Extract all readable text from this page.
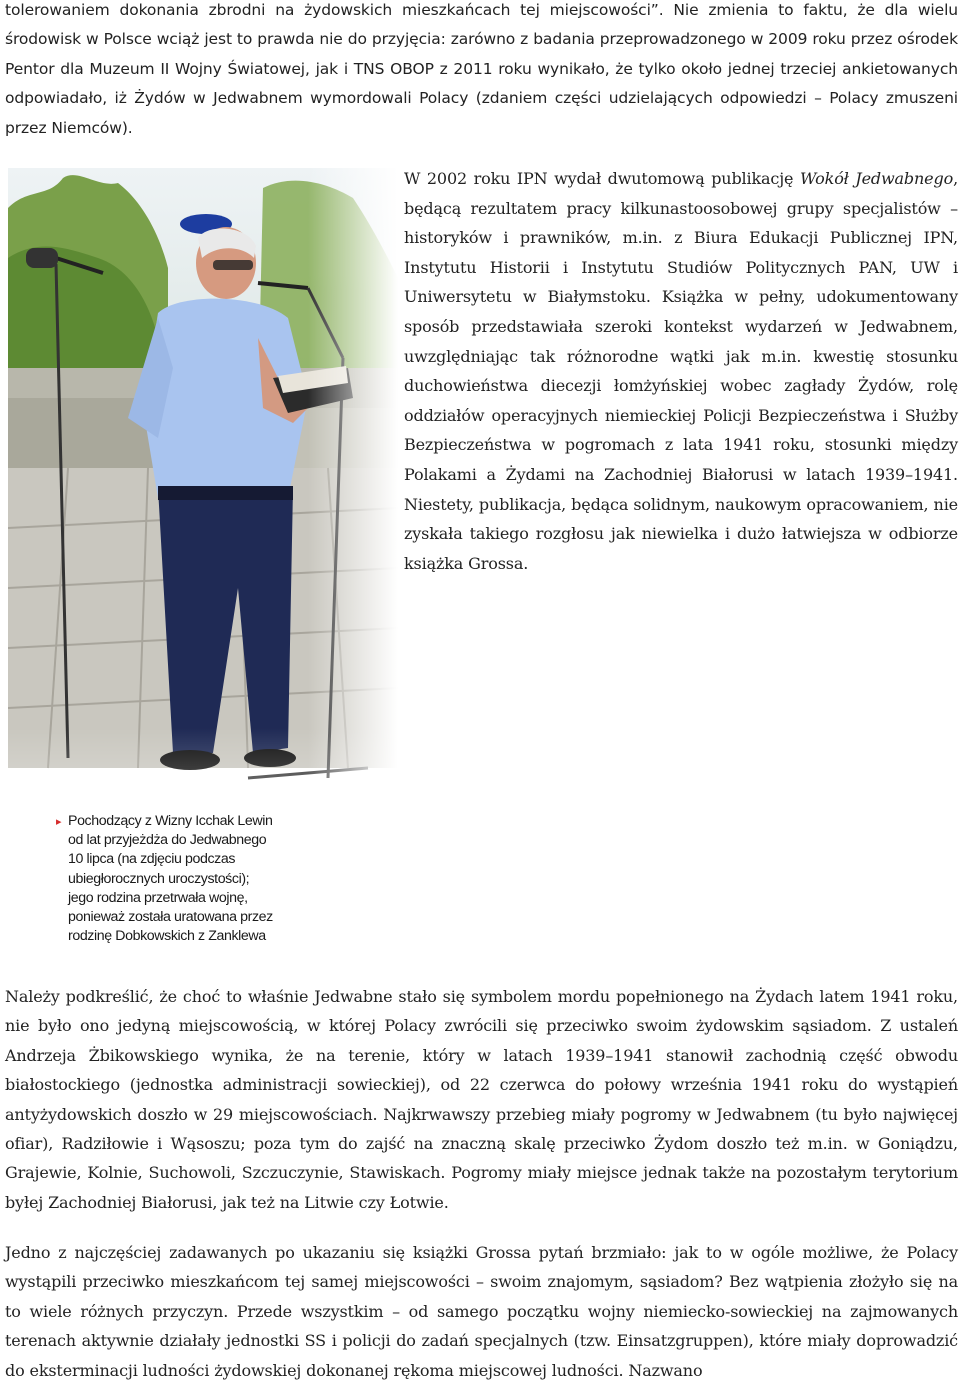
tolerowaniem dokonania zbrodni na żydowskich mieszkańcach tej miejscowości”. Nie zmienia to faktu, że dla wielu środowisk w Polsce wciąż jest to prawda nie do przyjęcia: zarówno z badania przeprowadzonego w 2009 roku przez ośrodek Pentor dla Muzeum II Wojny Światowej, jak i TNS OBOP z 2011 roku wynikało, że tylko około jednej trzeciej ankietowanych odpowiadało, iż Żydów w Jedwabnem wymordowali Polacy (zdaniem części udzielających odpowiedzi – Polacy zmuszeni przez Niemców).

Fot. A. Pyżewska
▸ Pochodzący z Wizny Icchak Lewin
od lat przyjeżdża do Jedwabnego
10 lipca (na zdjęciu podczas
ubiegłorocznych uroczystości);
jego rodzina przetrwała wojnę,
ponieważ została uratowana przez
rodzinę Dobkowskich z Zanklewa

W 2002 roku IPN wydał dwutomową publikację Wokół Jedwabnego, będącą rezultatem pracy kilkunastoosobowej grupy specjalistów – historyków i prawników, m.in. z Biura Edukacji Publicznej IPN, Instytutu Historii i Instytutu Studiów Politycznych PAN, UW i Uniwersytetu w Białymstoku. Książka w pełny, udokumentowany sposób przedstawiała szeroki kontekst wydarzeń w Jedwabnem, uwzględniając tak różnorodne wątki jak m.in. kwestię stosunku duchowieństwa diecezji łomżyńskiej wobec zagłady Żydów, rolę oddziałów operacyjnych niemieckiej Policji Bezpieczeństwa i Służby Bezpieczeństwa w pogromach z lata 1941 roku, stosunki między Polakami a Żydami na Zachodniej Białorusi w latach 1939–1941. Niestety, publikacja, będąca solidnym, naukowym opracowaniem, nie zyskała takiego rozgłosu jak niewielka i dużo łatwiejsza w odbiorze książka Grossa.

Należy podkreślić, że choć to właśnie Jedwabne stało się symbolem mordu popełnionego na Żydach latem 1941 roku, nie było ono jedyną miejscowością, w której Polacy zwrócili się przeciwko swoim żydowskim sąsiadom. Z ustaleń Andrzeja Żbikowskiego wynika, że na terenie, który w latach 1939–1941 stanowił zachodnią część obwodu białostockiego (jednostka administracji sowieckiej), od 22 czerwca do połowy września 1941 roku do wystąpień antyżydowskich doszło w 29 miejscowościach. Najkrwawszy przebieg miały pogromy w Jedwabnem (tu było najwięcej ofiar), Radziłowie i Wąsoszu; poza tym do zajść na znaczną skalę przeciwko Żydom doszło też m.in. w Goniądzu, Grajewie, Kolnie, Suchowoli, Szczuczynie, Stawiskach. Pogromy miały miejsce jednak także na pozostałym terytorium byłej Zachodniej Białorusi, jak też na Litwie czy Łotwie.

Jedno z najczęściej zadawanych po ukazaniu się książki Grossa pytań brzmiało: jak to w ogóle możliwe, że Polacy wystąpili przeciwko mieszkańcom tej samej miejscowości – swoim znajomym, sąsiadom? Bez wątpienia złożyło się na to wiele różnych przyczyn. Przede wszystkim – od samego początku wojny niemiecko-sowieckiej na zajmowanych terenach aktywnie działały jednostki SS i policji do zadań specjalnych (tzw. Einsatzgruppen), które miały doprowadzić do eksterminacji ludności żydowskiej dokonanej rękoma miejscowej ludności. Nazwano
